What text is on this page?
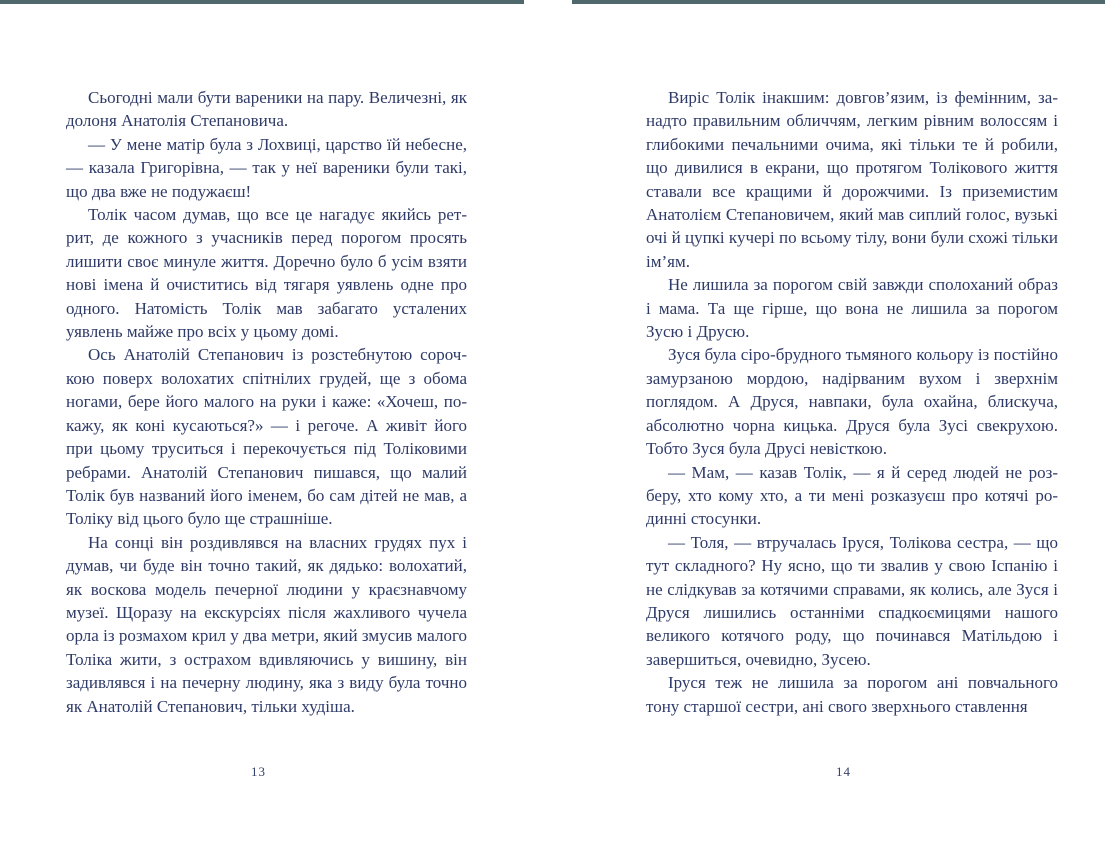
Сьогодні мали бути вареники на пару. Величезні, як долоня Анатолія Степановича.

— У мене матір була з Лохвиці, царство їй небесне, — казала Григорівна, — так у неї вареники були такі, що два вже не подужаєш!

Толік часом думав, що все це нагадує якийсь ретрит, де кожного з учасників перед порогом просять лишити своє минуле життя. Доречно було б усім взяти нові імена й очиститись від тягаря уявлень одне про одного. Натомість Толік мав забагато усталених уявлень майже про всіх у цьому домі.

Ось Анатолій Степанович із розстебнутою сорочкою поверх волохатих спітнілих грудей, ще з обома ногами, бере його малого на руки і каже: «Хочеш, покажу, як коні кусаються?» — і регоче. А живіт його при цьому труситься і перекочується під Толіковими ребрами. Анатолій Степанович пишався, що малий Толік був названий його іменем, бо сам дітей не мав, а Толіку від цього було ще страшніше.

На сонці він роздивлявся на власних грудях пух і думав, чи буде він точно такий, як дядько: волохатий, як воскова модель печерної людини у краєзнавчому музеї. Щоразу на екскурсіях після жахливого чучела орла із розмахом крил у два метри, який змусив малого Толіка жити, з острахом вдивляючись у вишину, він задивлявся і на печерну людину, яка з виду була точно як Анатолій Степанович, тільки худіша.

Виріс Толік інакшим: довгов’язим, із фемінним, занадто правильним обличчям, легким рівним волоссям і глибокими печальними очима, які тільки те й робили, що дивилися в екрани, що протягом Толікового життя ставали все кращими й дорожчими. Із приземистим Анатолієм Степановичем, який мав сиплий голос, вузькі очі й цупкі кучері по всьому тілу, вони були схожі тільки ім’ям.

Не лишила за порогом свій завжди сполоханий образ і мама. Та ще гірше, що вона не лишила за порогом Зусю і Друсю.

Зуся була сіро-брудного тьмяного кольору із постійно замурзаною мордою, надірваним вухом і зверхнім поглядом. А Друся, навпаки, була охайна, блискуча, абсолютно чорна кицька. Друся була Зусі свекрухою. Тобто Зуся була Друсі невісткою.

— Мам, — казав Толік, — я й серед людей не розберу, хто кому хто, а ти мені розказуєш про котячі родинні стосунки.

— Толя, — втручалась Іруся, Толікова сестра, — що тут складного? Ну ясно, що ти звалив у свою Іспанію і не слідкував за котячими справами, як колись, але Зуся і Друся лишились останніми спадкоємицями нашого великого котячого роду, що починався Матільдою і завершиться, очевидно, Зусею.

Іруся теж не лишила за порогом ані повчального тону старшої сестри, ані свого зверхнього ставлення

13	14
